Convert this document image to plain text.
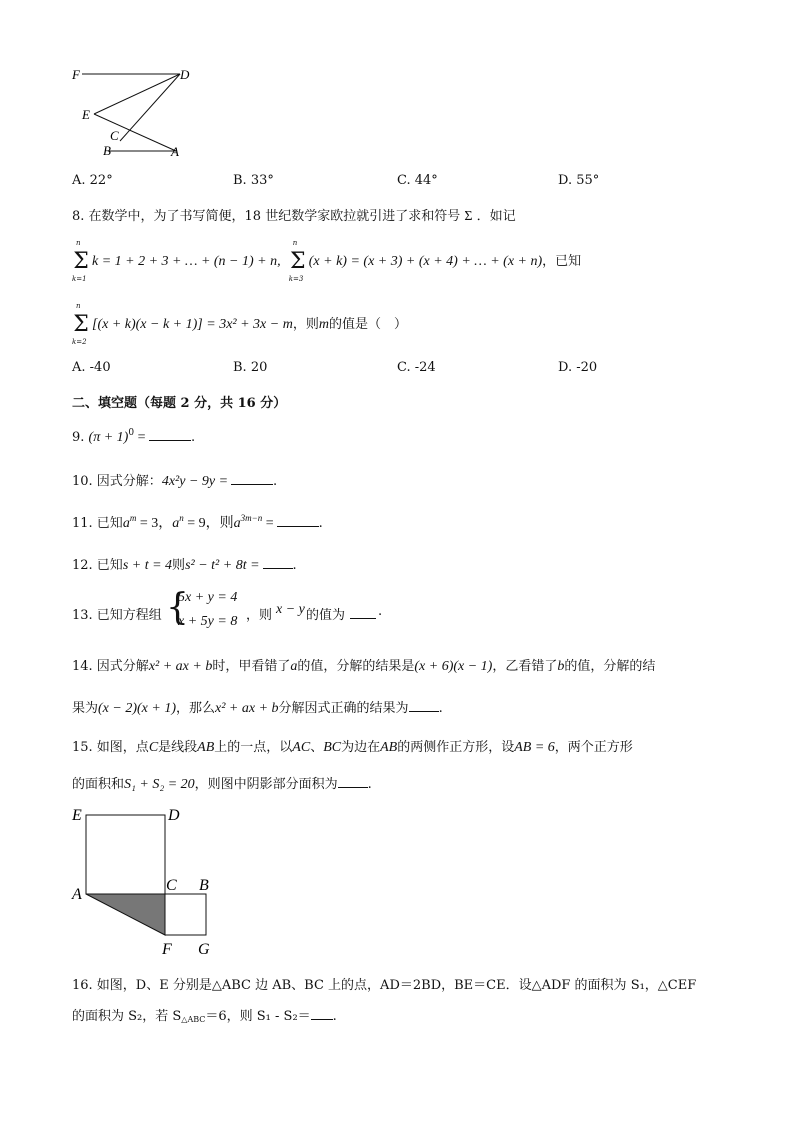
F	D
E
C
B	A
A. 22°	B. 33°	C. 44°	D. 55°
8. 在数学中，为了书写简便，18 世纪数学家欧拉就引进了求和符号 Σ ．如记
n
Σ
k=1
k = 1 + 2 + 3 + … + (n − 1) + n,
n
Σ
k=3
(x + k) = (x + 3) + (x + 4) + … + (x + n)，已知
n
Σ
k=2
[(x + k)(x − k + 1)] = 3x² + 3x − m，则m的值是（　）
A. -40	B. 20	C. -24	D. -20
二、填空题（每题 2 分，共 16 分）
9. $(\pi + 1)^0$ =	.
10. 因式分解：4x²y − 9y =	.
11. 已知$a^m = 3$，$a^n = 9$，则$a^{3m-n}$ =	.
12. 已知s + t = 4则s² − t² + 8t =	.
13. 已知方程组 {
5x + y = 4
x + 5y = 8 ，则 x − y 的值为	.
14. 因式分解x² + ax + b时，甲看错了a的值，分解的结果是(x + 6)(x − 1)，乙看错了b的值，分解的结
果为(x − 2)(x + 1)，那么x² + ax + b分解因式正确的结果为 .
15. 如图，点C是线段AB上的一点，以AC、BC为边在AB的两侧作正方形，设AB = 6，两个正方形
的面积和S₁ + S₂ = 20，则图中阴影部分面积为 .
E	D
A
C B
F G
16. 如图，D、E 分别是△ABC 边 AB、BC 上的点，AD＝2BD，BE＝CE．设△ADF 的面积为 S₁，△CEF
的面积为 S₂，若 S△ABC＝6，则 S₁ - S₂＝ .
